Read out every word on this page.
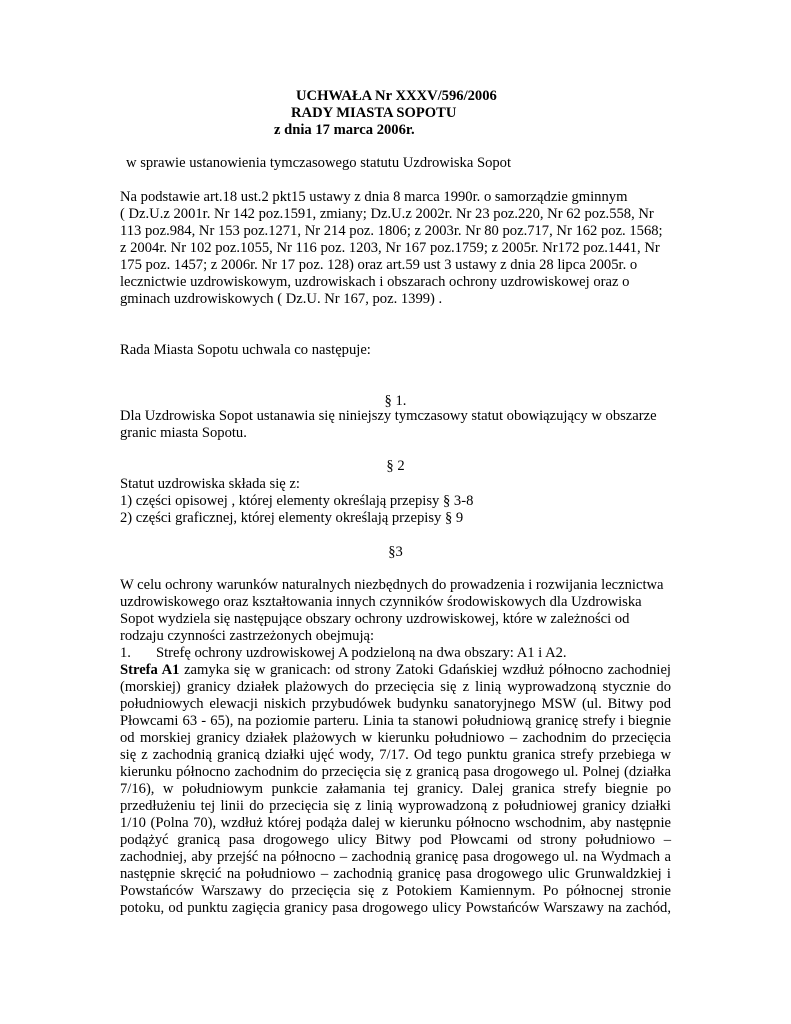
UCHWAŁA Nr XXXV/596/2006
RADY MIASTA SOPOTU
z dnia 17 marca 2006r.
w sprawie ustanowienia tymczasowego statutu Uzdrowiska Sopot
Na podstawie art.18 ust.2 pkt15 ustawy z dnia 8 marca 1990r. o samorządzie gminnym
( Dz.U.z 2001r. Nr 142 poz.1591, zmiany; Dz.U.z 2002r. Nr 23 poz.220, Nr 62 poz.558, Nr
113 poz.984, Nr 153 poz.1271, Nr 214 poz. 1806; z 2003r. Nr 80 poz.717, Nr 162 poz. 1568;
z 2004r. Nr 102 poz.1055, Nr 116 poz. 1203, Nr 167 poz.1759; z 2005r. Nr172 poz.1441, Nr
175 poz. 1457; z 2006r. Nr 17 poz. 128) oraz art.59 ust 3 ustawy z dnia 28 lipca 2005r. o
lecznictwie uzdrowiskowym, uzdrowiskach i obszarach ochrony uzdrowiskowej oraz o
gminach uzdrowiskowych ( Dz.U. Nr 167, poz. 1399) .
Rada Miasta Sopotu uchwala co następuje:
§ 1.
Dla Uzdrowiska Sopot ustanawia się niniejszy tymczasowy statut obowiązujący w obszarze
granic miasta Sopotu.
§ 2
Statut uzdrowiska składa się z:
1) części opisowej , której elementy określają przepisy § 3-8
2) części graficznej, której elementy określają przepisy § 9
§3
W celu ochrony warunków naturalnych niezbędnych do prowadzenia i rozwijania lecznictwa
uzdrowiskowego oraz kształtowania innych czynników środowiskowych dla Uzdrowiska
Sopot wydziela się następujące obszary ochrony uzdrowiskowej, które w zależności od
rodzaju czynności zastrzeżonych obejmują:
1. Strefę ochrony uzdrowiskowej A podzieloną na dwa obszary: A1 i A2.
Strefa A1 zamyka się w granicach: od strony Zatoki Gdańskiej wzdłuż północno zachodniej
(morskiej) granicy działek plażowych do przecięcia się z linią wyprowadzoną stycznie do
południowych elewacji niskich przybudówek budynku sanatoryjnego MSW (ul. Bitwy pod
Płowcami 63 - 65), na poziomie parteru. Linia ta stanowi południową granicę strefy i biegnie
od morskiej granicy działek plażowych w kierunku południowo – zachodnim do przecięcia
się z zachodnią granicą działki ujęć wody, 7/17. Od tego punktu granica strefy przebiega w
kierunku północno zachodnim do przecięcia się z granicą pasa drogowego ul. Polnej (działka
7/16), w południowym punkcie załamania tej granicy. Dalej granica strefy biegnie po
przedłużeniu tej linii do przecięcia się z linią wyprowadzoną z południowej granicy działki
1/10 (Polna 70), wzdłuż której podąża dalej w kierunku północno wschodnim, aby następnie
podążyć granicą pasa drogowego ulicy Bitwy pod Płowcami od strony południowo –
zachodniej, aby przejść na północno – zachodnią granicę pasa drogowego ul. na Wydmach a
następnie skręcić na południowo – zachodnią granicę pasa drogowego ulic Grunwaldzkiej i
Powstańców Warszawy do przecięcia się z Potokiem Kamiennym. Po północnej stronie
potoku, od punktu zagięcia granicy pasa drogowego ulicy Powstańców Warszawy na zachód,
